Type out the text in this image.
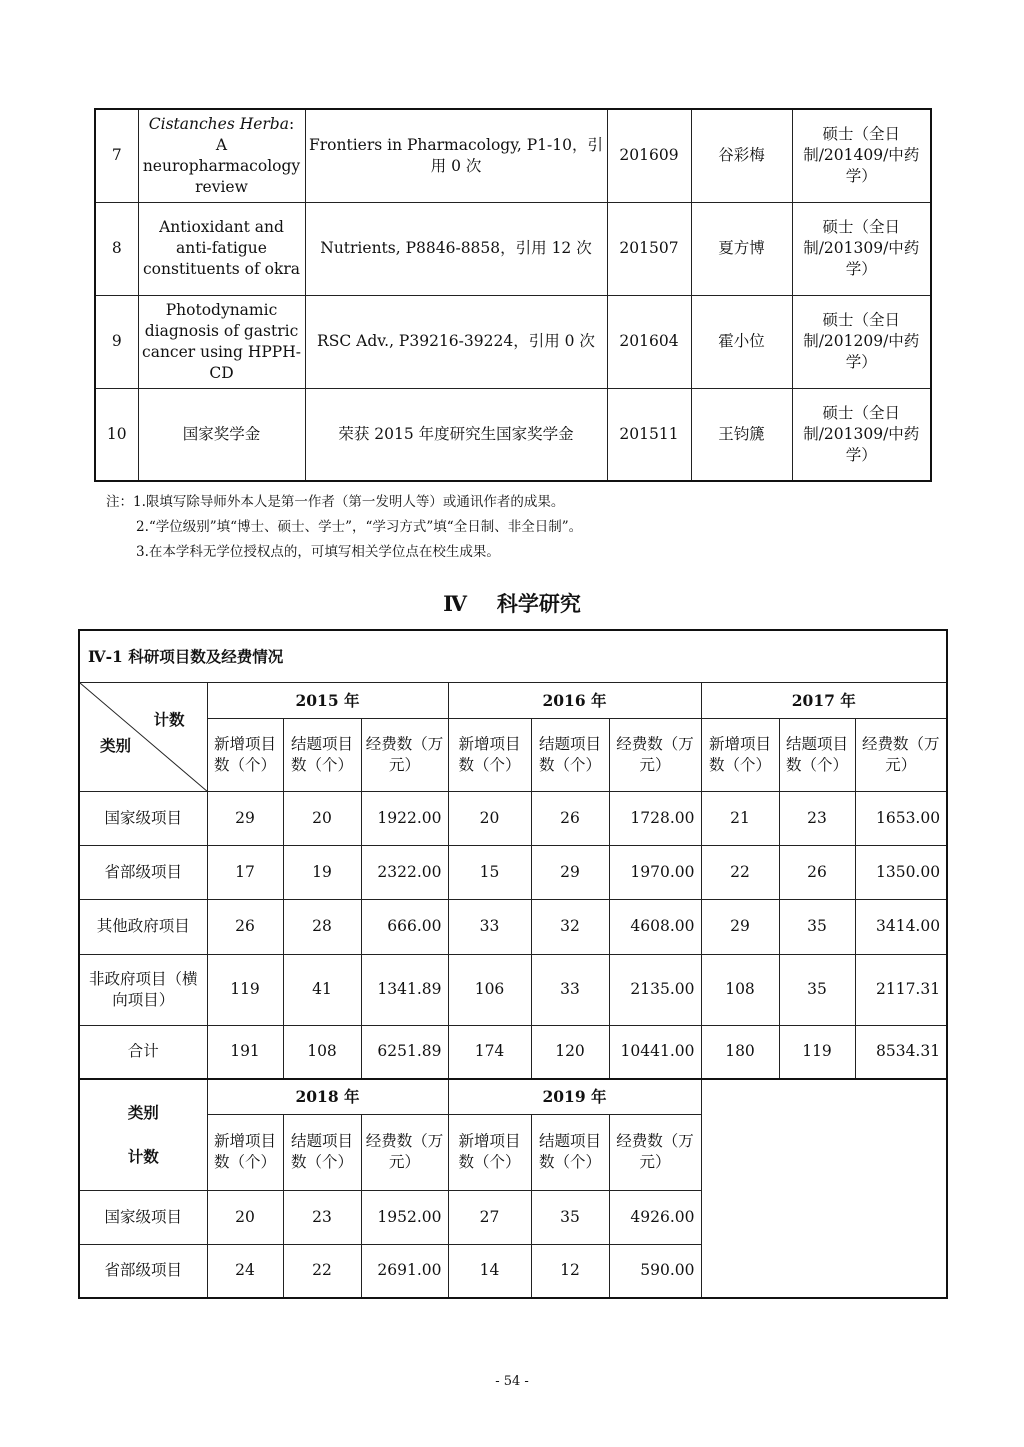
7	Cistanches Herba: A neuropharmacology review	Frontiers in Pharmacology, P1-10，引用 0 次	201609	谷彩梅	硕士（全日制/201409/中药学）
8	Antioxidant and anti-fatigue constituents of okra	Nutrients, P8846-8858，引用 12 次	201507	夏方博	硕士（全日制/201309/中药学）
9	Photodynamic diagnosis of gastric cancer using HPPH-CD	RSC Adv., P39216-39224，引用 0 次	201604	霍小位	硕士（全日制/201209/中药学）
10	国家奖学金	荣获 2015 年度研究生国家奖学金	201511	王钧篪	硕士（全日制/201309/中药学）
注：1.限填写除导师外本人是第一作者（第一发明人等）或通讯作者的成果。
2.“学位级别”填“博士、硕士、学士”，“学习方式”填“全日制、非全日制”。
3.在本学科无学位授权点的，可填写相关学位点在校生成果。
Ⅳ 科学研究
Ⅳ-1 科研项目数及经费情况									

计数
类别	2015 年			2016 年			2017 年		
	新增项目数（个）	结题项目数（个）	经费数（万元）	新增项目数（个）	结题项目数（个）	经费数（万元）	新增项目数（个）	结题项目数（个）	经费数（万元）
国家级项目	29	20	1922.00	20	26	1728.00	21	23	1653.00
省部级项目	17	19	2322.00	15	29	1970.00	22	26	1350.00
其他政府项目	26	28	666.00	33	32	4608.00	29	35	3414.00
非政府项目（横向项目）	119	41	1341.89	106	33	2135.00	108	35	2117.31
合计	191	108	6251.89	174	120	10441.00	180	119	8534.31

类别
计数	2018 年			2019 年					
	新增项目数（个）	结题项目数（个）	经费数（万元）	新增项目数（个）	结题项目数（个）	经费数（万元）			
国家级项目	20	23	1952.00	27	35	4926.00			
省部级项目	24	22	2691.00	14	12	590.00			
- 54 -
